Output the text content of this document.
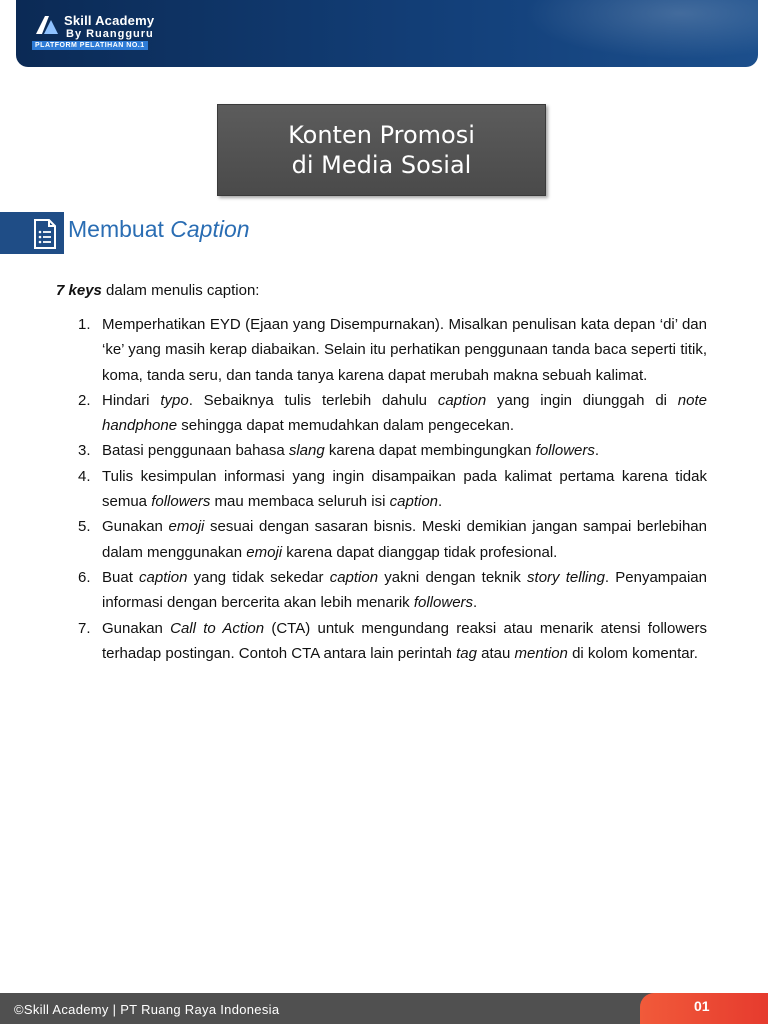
Skill Academy
By Ruangguru
PLATFORM PELATIHAN NO.1
Konten Promosi
di Media Sosial
Membuat Caption
7 keys dalam menulis caption:
1. Memperhatikan EYD (Ejaan yang Disempurnakan). Misalkan penulisan kata depan ‘di’ dan ‘ke’ yang masih kerap diabaikan. Selain itu perhatikan penggunaan tanda baca seperti titik, koma, tanda seru, dan tanda tanya karena dapat merubah makna sebuah kalimat.
2. Hindari typo. Sebaiknya tulis terlebih dahulu caption yang ingin diunggah di note handphone sehingga dapat memudahkan dalam pengecekan.
3. Batasi penggunaan bahasa slang karena dapat membingungkan followers.
4. Tulis kesimpulan informasi yang ingin disampaikan pada kalimat pertama karena tidak semua followers mau membaca seluruh isi caption.
5. Gunakan emoji sesuai dengan sasaran bisnis. Meski demikian jangan sampai berlebihan dalam menggunakan emoji karena dapat dianggap tidak profesional.
6. Buat caption yang tidak sekedar caption yakni dengan teknik story telling. Penyampaian informasi dengan bercerita akan lebih menarik followers.
7. Gunakan Call to Action (CTA) untuk mengundang reaksi atau menarik atensi followers terhadap postingan. Contoh CTA antara lain perintah tag atau mention di kolom komentar.
©Skill Academy | PT Ruang Raya Indonesia	01
